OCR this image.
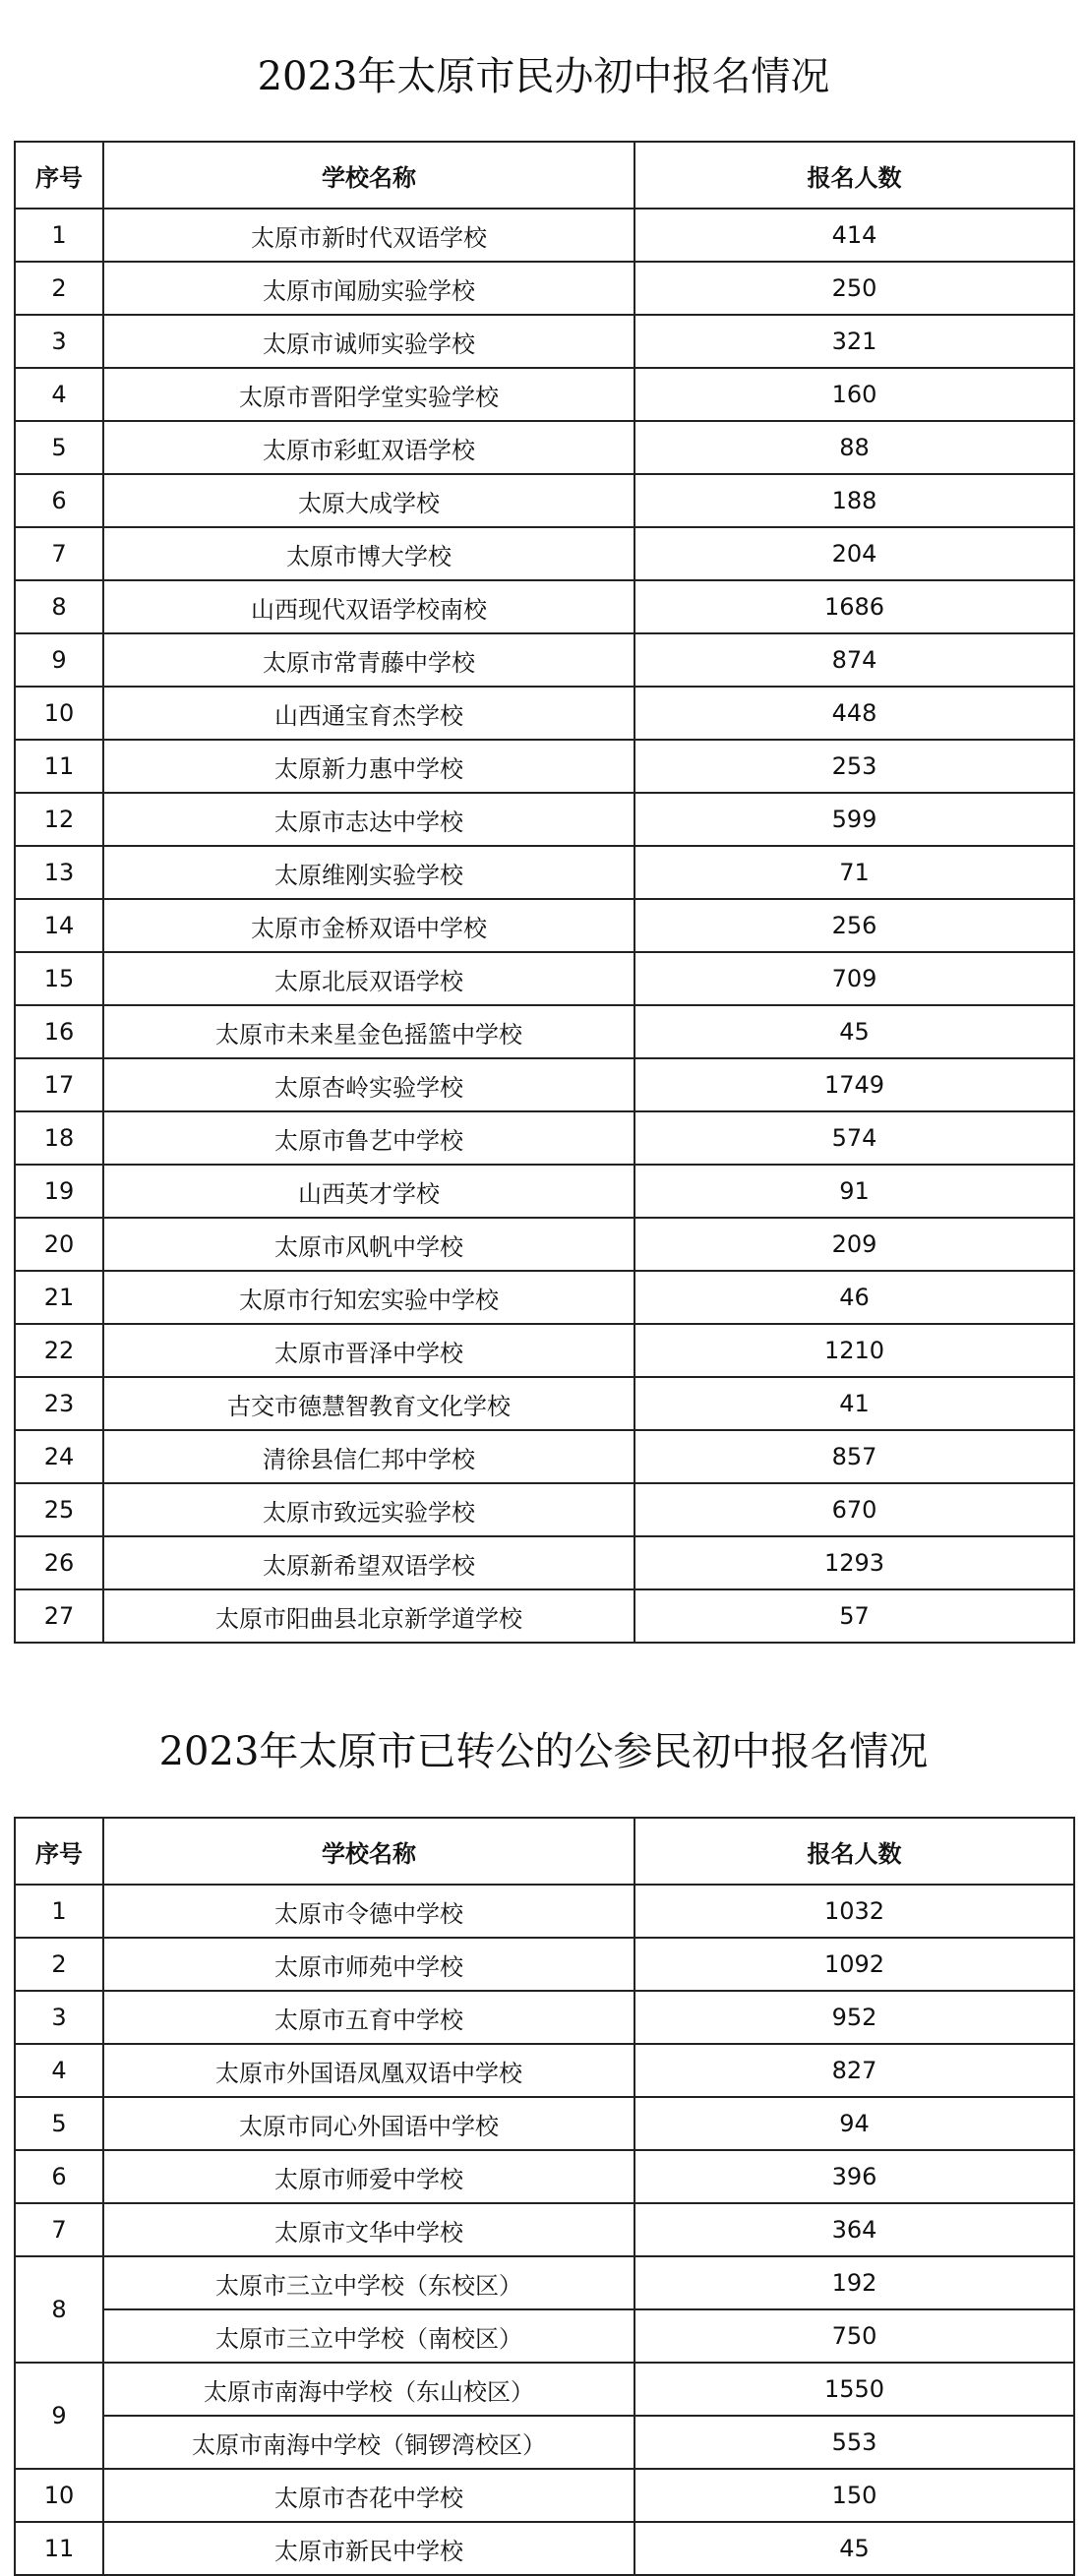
2023年太原市民办初中报名情况
序号	学校名称	报名人数
1	太原市新时代双语学校	414
2	太原市闻励实验学校	250
3	太原市诚师实验学校	321
4	太原市晋阳学堂实验学校	160
5	太原市彩虹双语学校	88
6	太原大成学校	188
7	太原市博大学校	204
8	山西现代双语学校南校	1686
9	太原市常青藤中学校	874
10	山西通宝育杰学校	448
11	太原新力惠中学校	253
12	太原市志达中学校	599
13	太原维刚实验学校	71
14	太原市金桥双语中学校	256
15	太原北辰双语学校	709
16	太原市未来星金色摇篮中学校	45
17	太原杏岭实验学校	1749
18	太原市鲁艺中学校	574
19	山西英才学校	91
20	太原市风帆中学校	209
21	太原市行知宏实验中学校	46
22	太原市晋泽中学校	1210
23	古交市德慧智教育文化学校	41
24	清徐县信仁邦中学校	857
25	太原市致远实验学校	670
26	太原新希望双语学校	1293
27	太原市阳曲县北京新学道学校	57
2023年太原市已转公的公参民初中报名情况
序号	学校名称	报名人数
1	太原市令德中学校	1032
2	太原市师苑中学校	1092
3	太原市五育中学校	952
4	太原市外国语凤凰双语中学校	827
5	太原市同心外国语中学校	94
6	太原市师爱中学校	396
7	太原市文华中学校	364
8	太原市三立中学校（东校区）	192
	太原市三立中学校（南校区）	750
9	太原市南海中学校（东山校区）	1550
	太原市南海中学校（铜锣湾校区）	553
10	太原市杏花中学校	150
11	太原市新民中学校	45
